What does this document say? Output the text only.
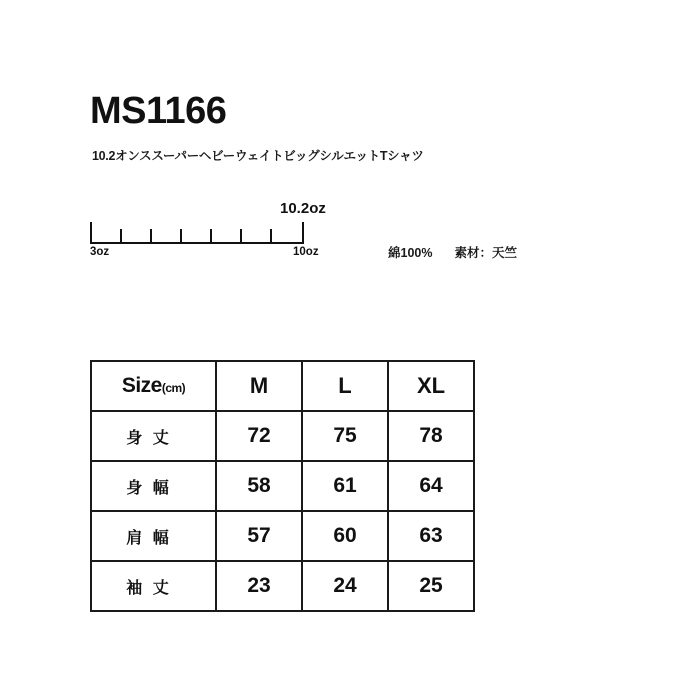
MS1166
10.2オンススーパーヘビーウェイトビッグシルエットTシャツ
10.2oz
3oz	10oz	綿100% 素材：天竺
Size(cm)	M	L	XL
身 丈	72	75	78
身 幅	58	61	64
肩 幅	57	60	63
袖 丈	23	24	25
